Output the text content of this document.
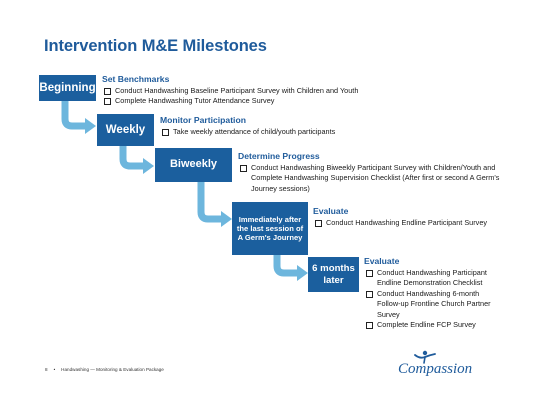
Intervention M&E Milestones
Beginning
Set Benchmarks
Conduct Handwashing Baseline Participant Survey with Children and Youth
Complete Handwashing Tutor Attendance Survey
Weekly
Monitor Participation
Take weekly attendance of child/youth participants
Biweekly
Determine Progress
Conduct Handwashing Biweekly Participant Survey with Children/Youth and Complete Handwashing Supervision Checklist (After first or second A Germ's Journey sessions)
Immediately after the last session of A Germ's Journey
Evaluate
Conduct Handwashing Endline Participant Survey
6 months later
Evaluate
Conduct Handwashing Participant Endline Demonstration Checklist
Conduct Handwashing 6-month Follow-up Frontline Church Partner Survey
Complete Endline FCP Survey
8 • Handwashing — Monitoring & Evaluation Package	Compassion
